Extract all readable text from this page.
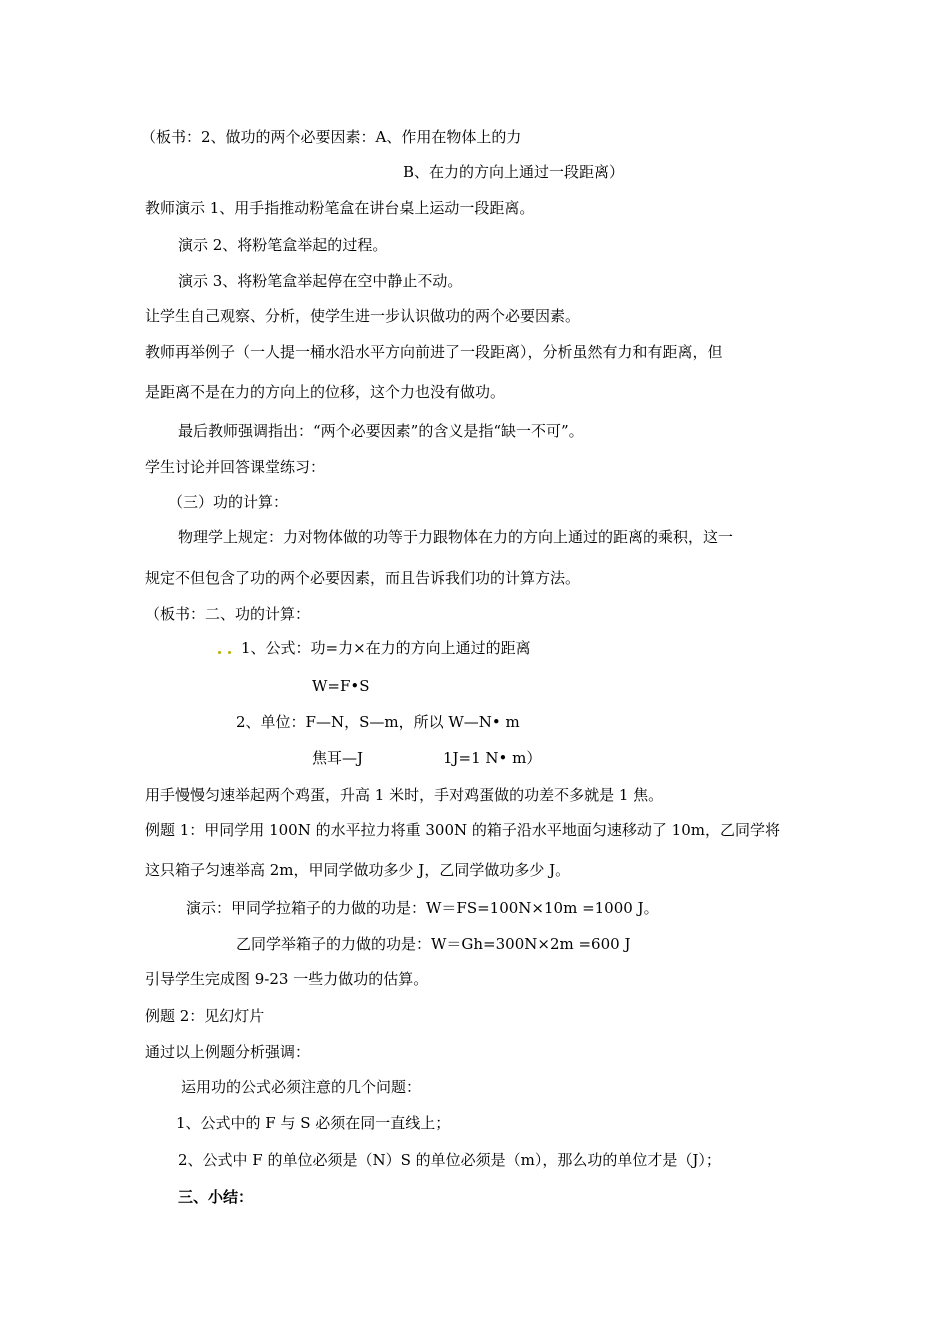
（板书：2、做功的两个必要因素：A、作用在物体上的力
B、在力的方向上通过一段距离）
教师演示 1、用手指推动粉笔盒在讲台桌上运动一段距离。
演示 2、将粉笔盒举起的过程。
演示 3、将粉笔盒举起停在空中静止不动。
让学生自己观察、分析，使学生进一步认识做功的两个必要因素。
教师再举例子（一人提一桶水沿水平方向前进了一段距离），分析虽然有力和有距离，但
是距离不是在力的方向上的位移，这个力也没有做功。
最后教师强调指出：“两个必要因素”的含义是指“缺一不可”。
学生讨论并回答课堂练习：
（三）功的计算：
物理学上规定：力对物体做的功等于力跟物体在力的方向上通过的距离的乘积，这一
规定不但包含了功的两个必要因素，而且告诉我们功的计算方法。
（板书：二、功的计算：
1、公式：功=力×在力的方向上通过的距离
W=F•S
2、单位：F—N，S—m，所以 W—N• m
焦耳—J	1J=1 N• m）
用手慢慢匀速举起两个鸡蛋，升高 1 米时，手对鸡蛋做的功差不多就是 1 焦。
例题 1：甲同学用 100N 的水平拉力将重 300N 的箱子沿水平地面匀速移动了 10m，乙同学将
这只箱子匀速举高 2m，甲同学做功多少 J，乙同学做功多少 J。
演示：甲同学拉箱子的力做的功是：W＝FS=100N×10m =1000 J。
乙同学举箱子的力做的功是：W＝Gh=300N×2m =600 J
引导学生完成图 9-23 一些力做功的估算。
例题 2：见幻灯片
通过以上例题分析强调：
运用功的公式必须注意的几个问题：
1、公式中的 F 与 S 必须在同一直线上；
2、公式中 F 的单位必须是（N）S 的单位必须是（m），那么功的单位才是（J）；
三、小结：
